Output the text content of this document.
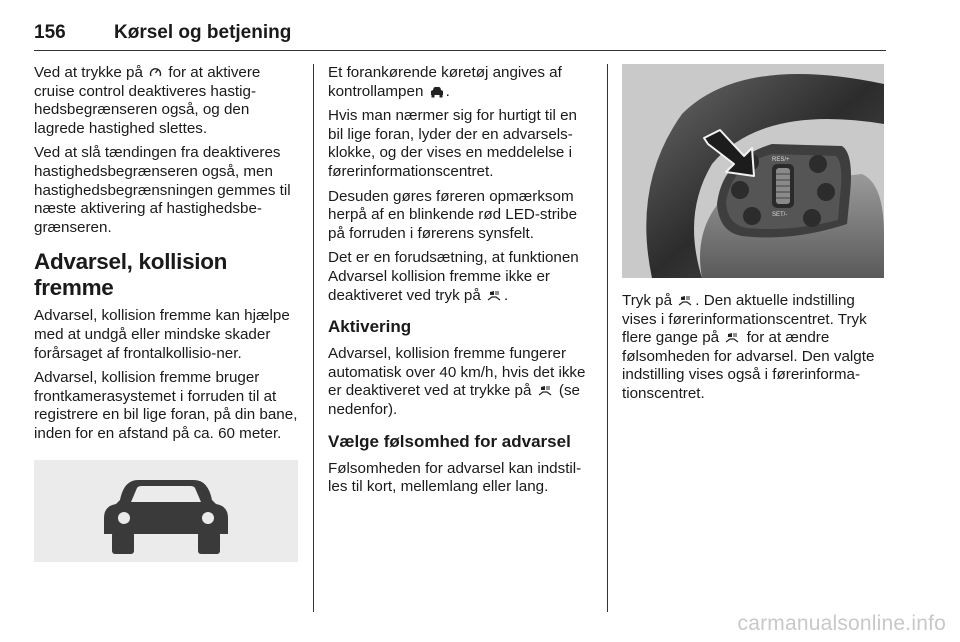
156	Kørsel og betjening

Ved at trykke på  for at aktivere cruise control deaktiveres hastig-hedsbegrænseren også, og den lagrede hastighed slettes.

Ved at slå tændingen fra deaktiveres hastighedsbegrænseren også, men hastighedsbegrænsningen gemmes til næste aktivering af hastighedsbe-grænseren.

Advarsel, kollision fremme

Advarsel, kollision fremme kan hjælpe med at undgå eller mindske skader forårsaget af frontalkollisio-ner.

Advarsel, kollision fremme bruger frontkamerasystemet i forruden til at registrere en bil lige foran, på din bane, inden for en afstand på ca. 60 meter.

Et forankørende køretøj angives af kontrollampen .

Hvis man nærmer sig for hurtigt til en bil lige foran, lyder der en advarsels-klokke, og der vises en meddelelse i førerinformationscentret.

Desuden gøres føreren opmærksom herpå af en blinkende rød LED-stribe på forruden i førerens synsfelt.

Det er en forudsætning, at funktionen Advarsel kollision fremme ikke er deaktiveret ved tryk på .

Aktivering

Advarsel, kollision fremme fungerer automatisk over 40 km/h, hvis det ikke er deaktiveret ved at trykke på  (se nedenfor).

Vælge følsomhed for advarsel

Følsomheden for advarsel kan indstil-les til kort, mellemlang eller lang.

RES/+
SET/-

Tryk på . Den aktuelle indstilling vises i førerinformationscentret. Tryk flere gange på  for at ændre følsomheden for advarsel. Den valgte indstilling vises også i førerinforma-tionscentret.

carmanualsonline.info
